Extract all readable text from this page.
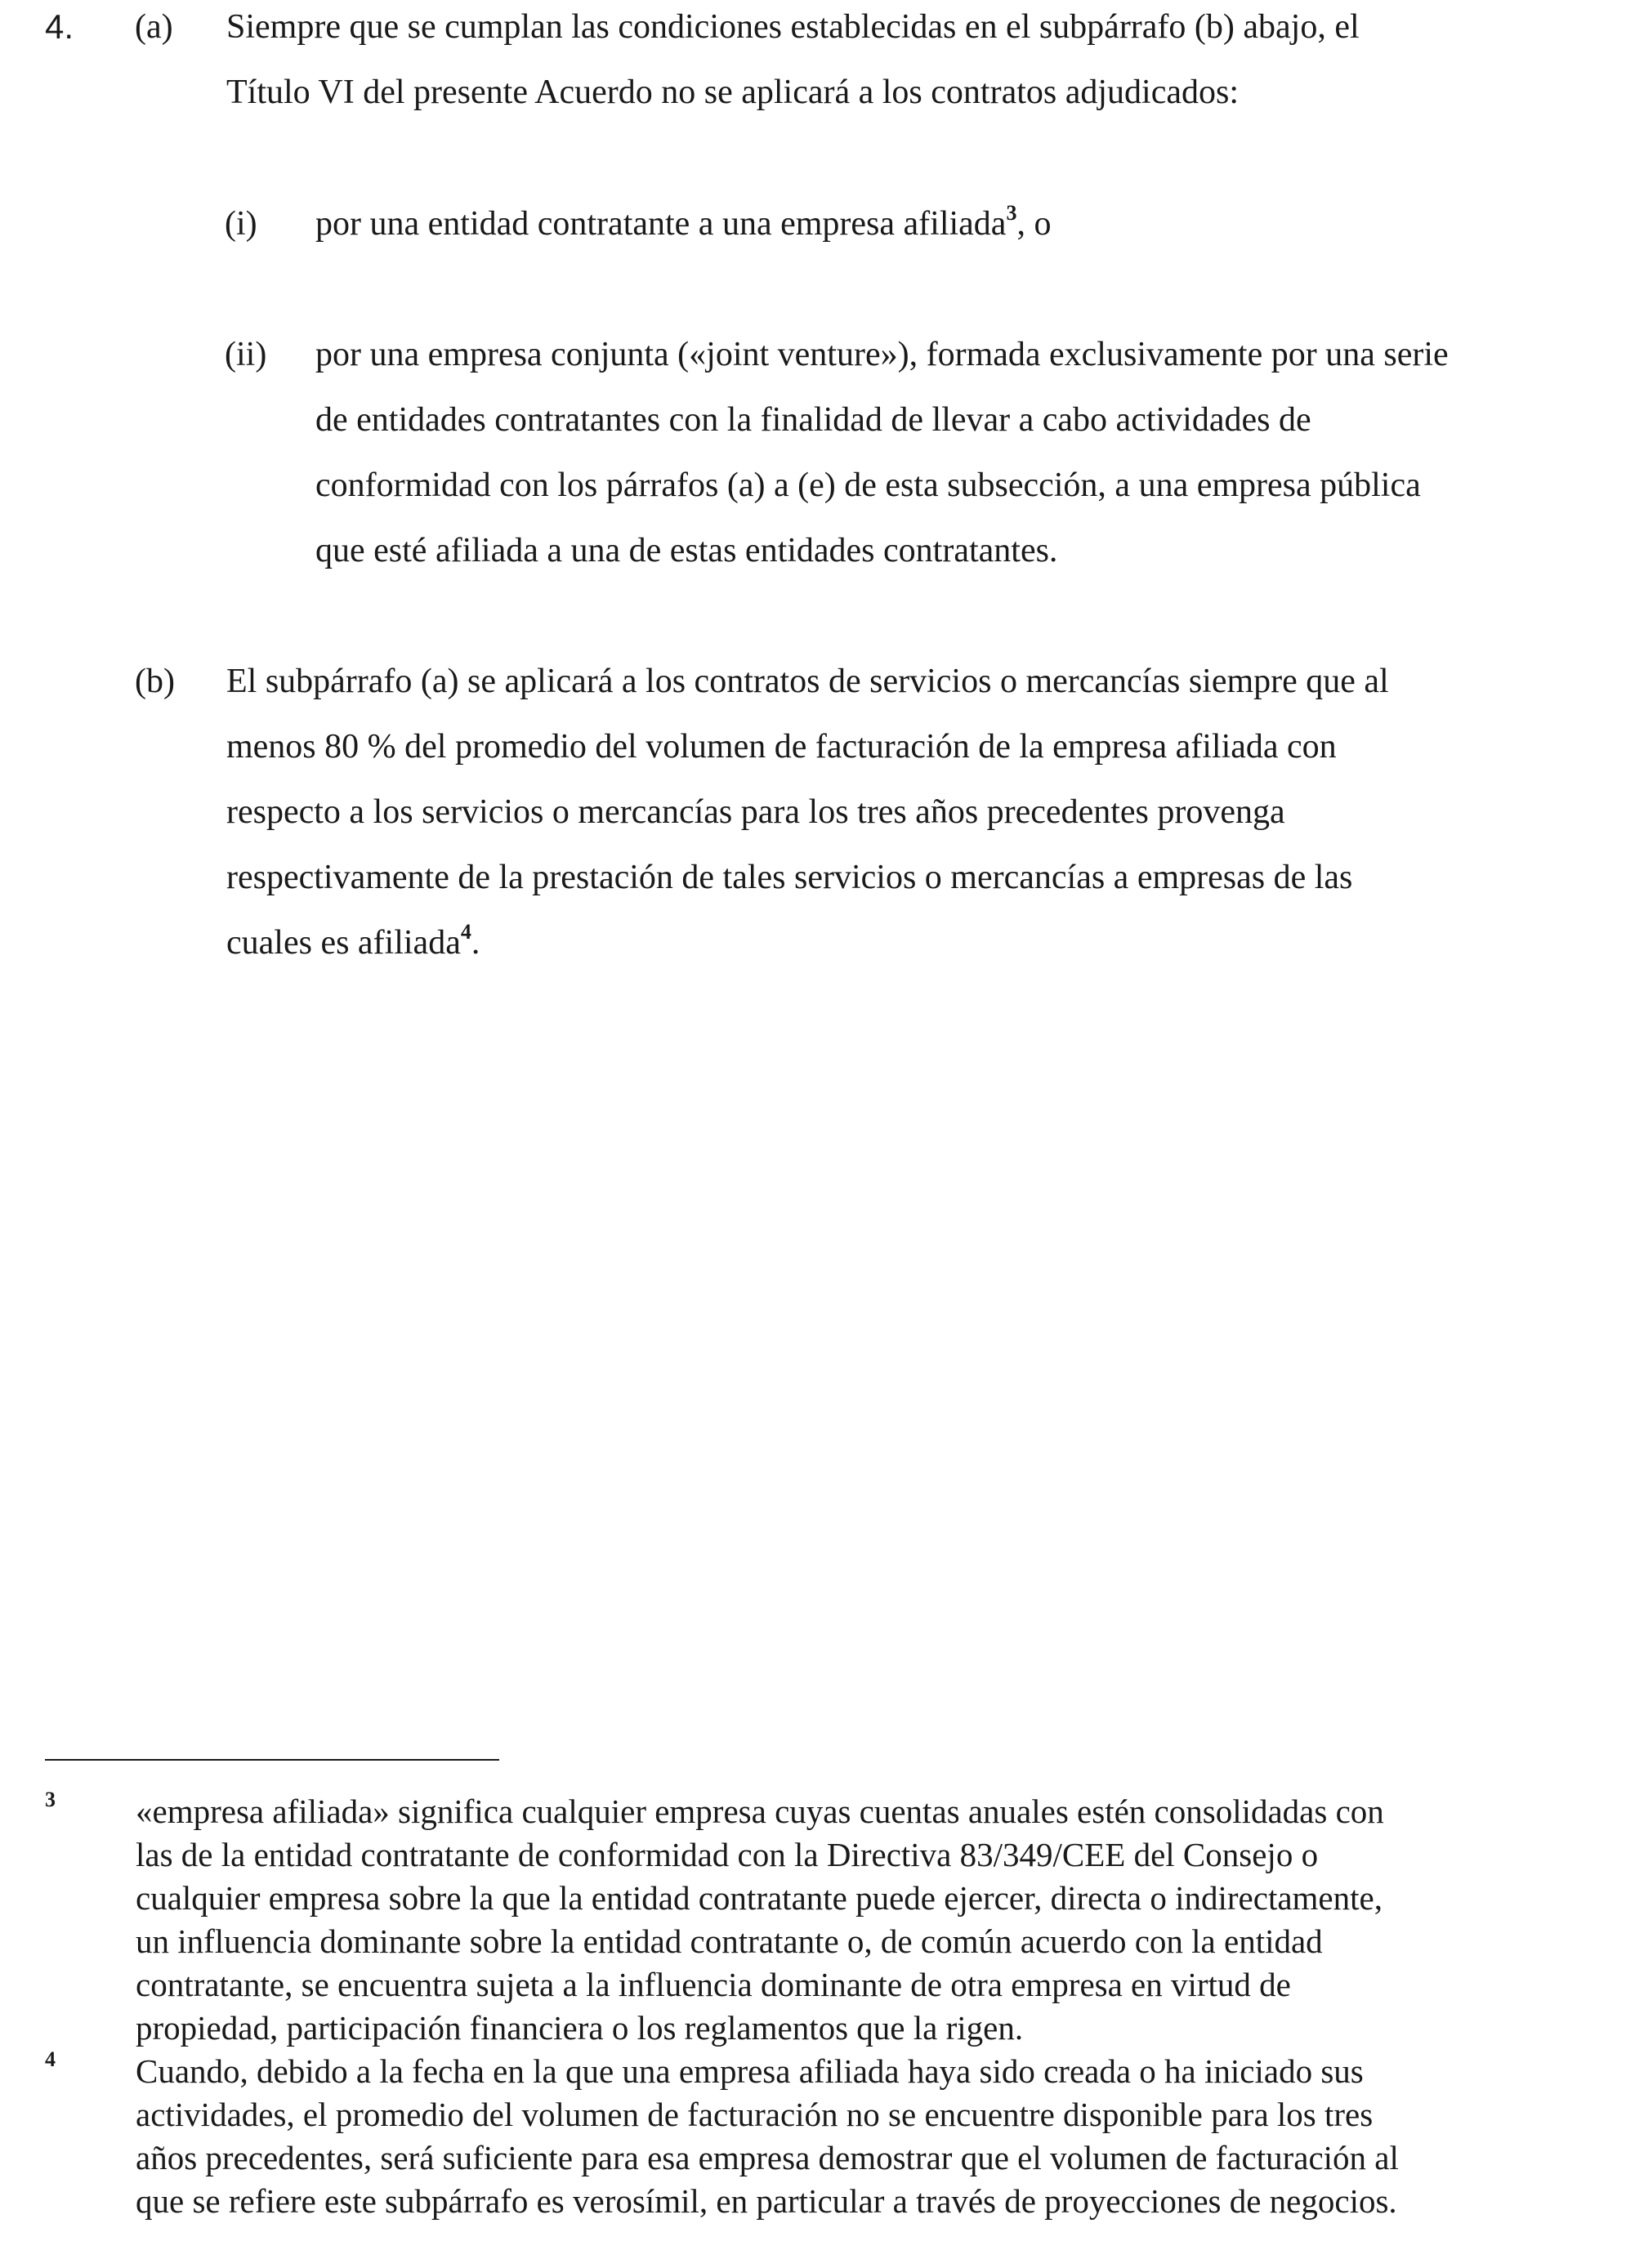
4. (a) Siempre que se cumplan las condiciones establecidas en el subpárrafo (b) abajo, el
Título VI del presente Acuerdo no se aplicará a los contratos adjudicados:
(i) por una entidad contratante a una empresa afiliada$^3$, o
(ii) por una empresa conjunta («joint venture»), formada exclusivamente por una serie
de entidades contratantes con la finalidad de llevar a cabo actividades de
conformidad con los párrafos (a) a (e) de esta subsección, a una empresa pública
que esté afiliada a una de estas entidades contratantes.
(b) El subpárrafo (a) se aplicará a los contratos de servicios o mercancías siempre que al
menos 80 % del promedio del volumen de facturación de la empresa afiliada con
respecto a los servicios o mercancías para los tres años precedentes provenga
respectivamente de la prestación de tales servicios o mercancías a empresas de las
cuales es afiliada$^4$.
3 «empresa afiliada» significa cualquier empresa cuyas cuentas anuales estén consolidadas con
las de la entidad contratante de conformidad con la Directiva 83/349/CEE del Consejo o
cualquier empresa sobre la que la entidad contratante puede ejercer, directa o indirectamente,
un influencia dominante sobre la entidad contratante o, de común acuerdo con la entidad
contratante, se encuentra sujeta a la influencia dominante de otra empresa en virtud de
propiedad, participación financiera o los reglamentos que la rigen.
4 Cuando, debido a la fecha en la que una empresa afiliada haya sido creada o ha iniciado sus
actividades, el promedio del volumen de facturación no se encuentre disponible para los tres
años precedentes, será suficiente para esa empresa demostrar que el volumen de facturación al
que se refiere este subpárrafo es verosímil, en particular a través de proyecciones de negocios.
